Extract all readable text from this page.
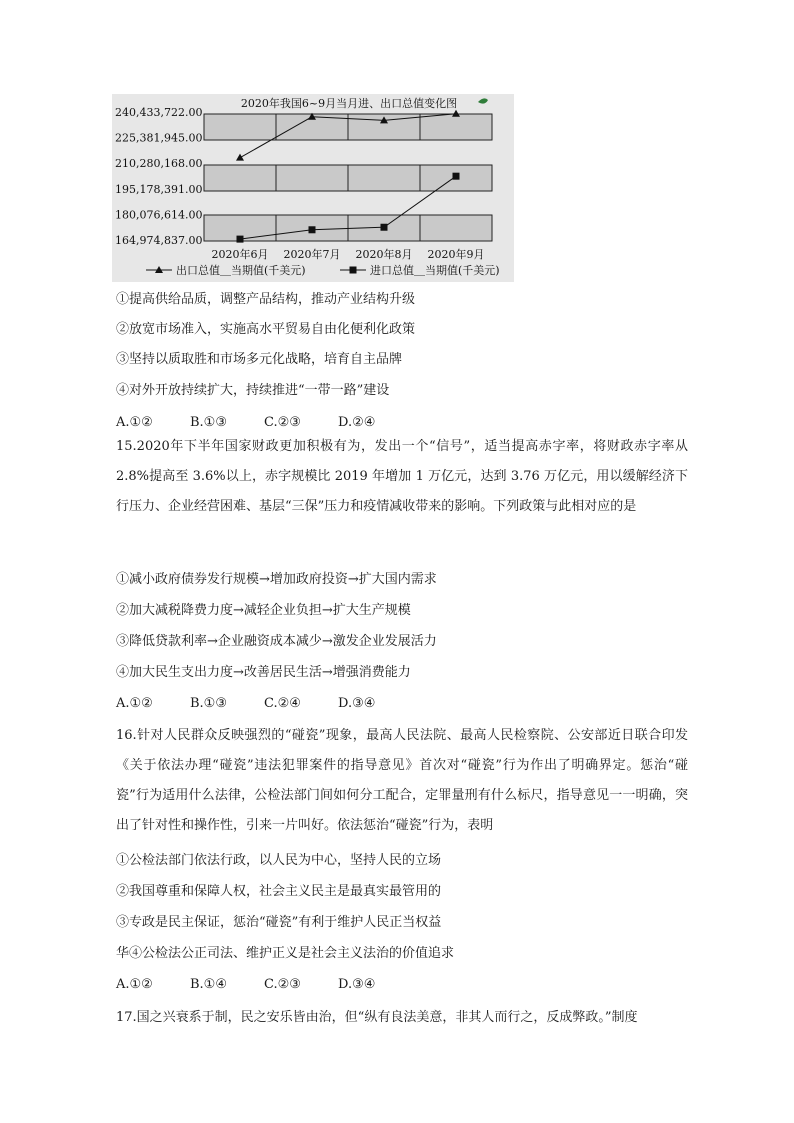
2020年我国6~9月当月进、出口总值变化图
240,433,722.00
225,381,945.00
210,280,168.00
195,178,391.00
180,076,614.00
164,974,837.00
2020年6月 2020年7月 2020年8月 2020年9月
出口总值＿当期值(千美元)	进口总值＿当期值(千美元)
①提高供给品质，调整产品结构，推动产业结构升级
②放宽市场准入，实施高水平贸易自由化便利化政策
③坚持以质取胜和市场多元化战略，培育自主品牌
④对外开放持续扩大，持续推进“一带一路”建设
A.①②	B.①③	C.②③	D.②④
15.2020年下半年国家财政更加积极有为，发出一个“信号”，适当提高赤字率，将财政赤字率从 2.8%提高至 3.6%以上，赤字规模比 2019 年增加 1 万亿元，达到 3.76 万亿元，用以缓解经济下行压力、企业经营困难、基层“三保”压力和疫情减收带来的影响。下列政策与此相对应的是
①减小政府债券发行规模→增加政府投资→扩大国内需求
②加大减税降费力度→减轻企业负担→扩大生产规模
③降低贷款利率→企业融资成本减少→激发企业发展活力
④加大民生支出力度→改善居民生活→增强消费能力
A.①②	B.①③	C.②④	D.③④
16.针对人民群众反映强烈的“碰瓷”现象，最高人民法院、最高人民检察院、公安部近日联合印发《关于依法办理“碰瓷”违法犯罪案件的指导意见》首次对“碰瓷”行为作出了明确界定。惩治“碰瓷”行为适用什么法律，公检法部门间如何分工配合，定罪量刑有什么标尺，指导意见一一明确，突出了针对性和操作性，引来一片叫好。依法惩治“碰瓷”行为，表明
①公检法部门依法行政，以人民为中心，坚持人民的立场
②我国尊重和保障人权，社会主义民主是最真实最管用的
③专政是民主保证，惩治“碰瓷”有利于维护人民正当权益
华④公检法公正司法、维护正义是社会主义法治的价值追求
A.①②	B.①④	C.②③	D.③④
17.国之兴衰系于制，民之安乐皆由治，但“纵有良法美意，非其人而行之，反成弊政。”制度
